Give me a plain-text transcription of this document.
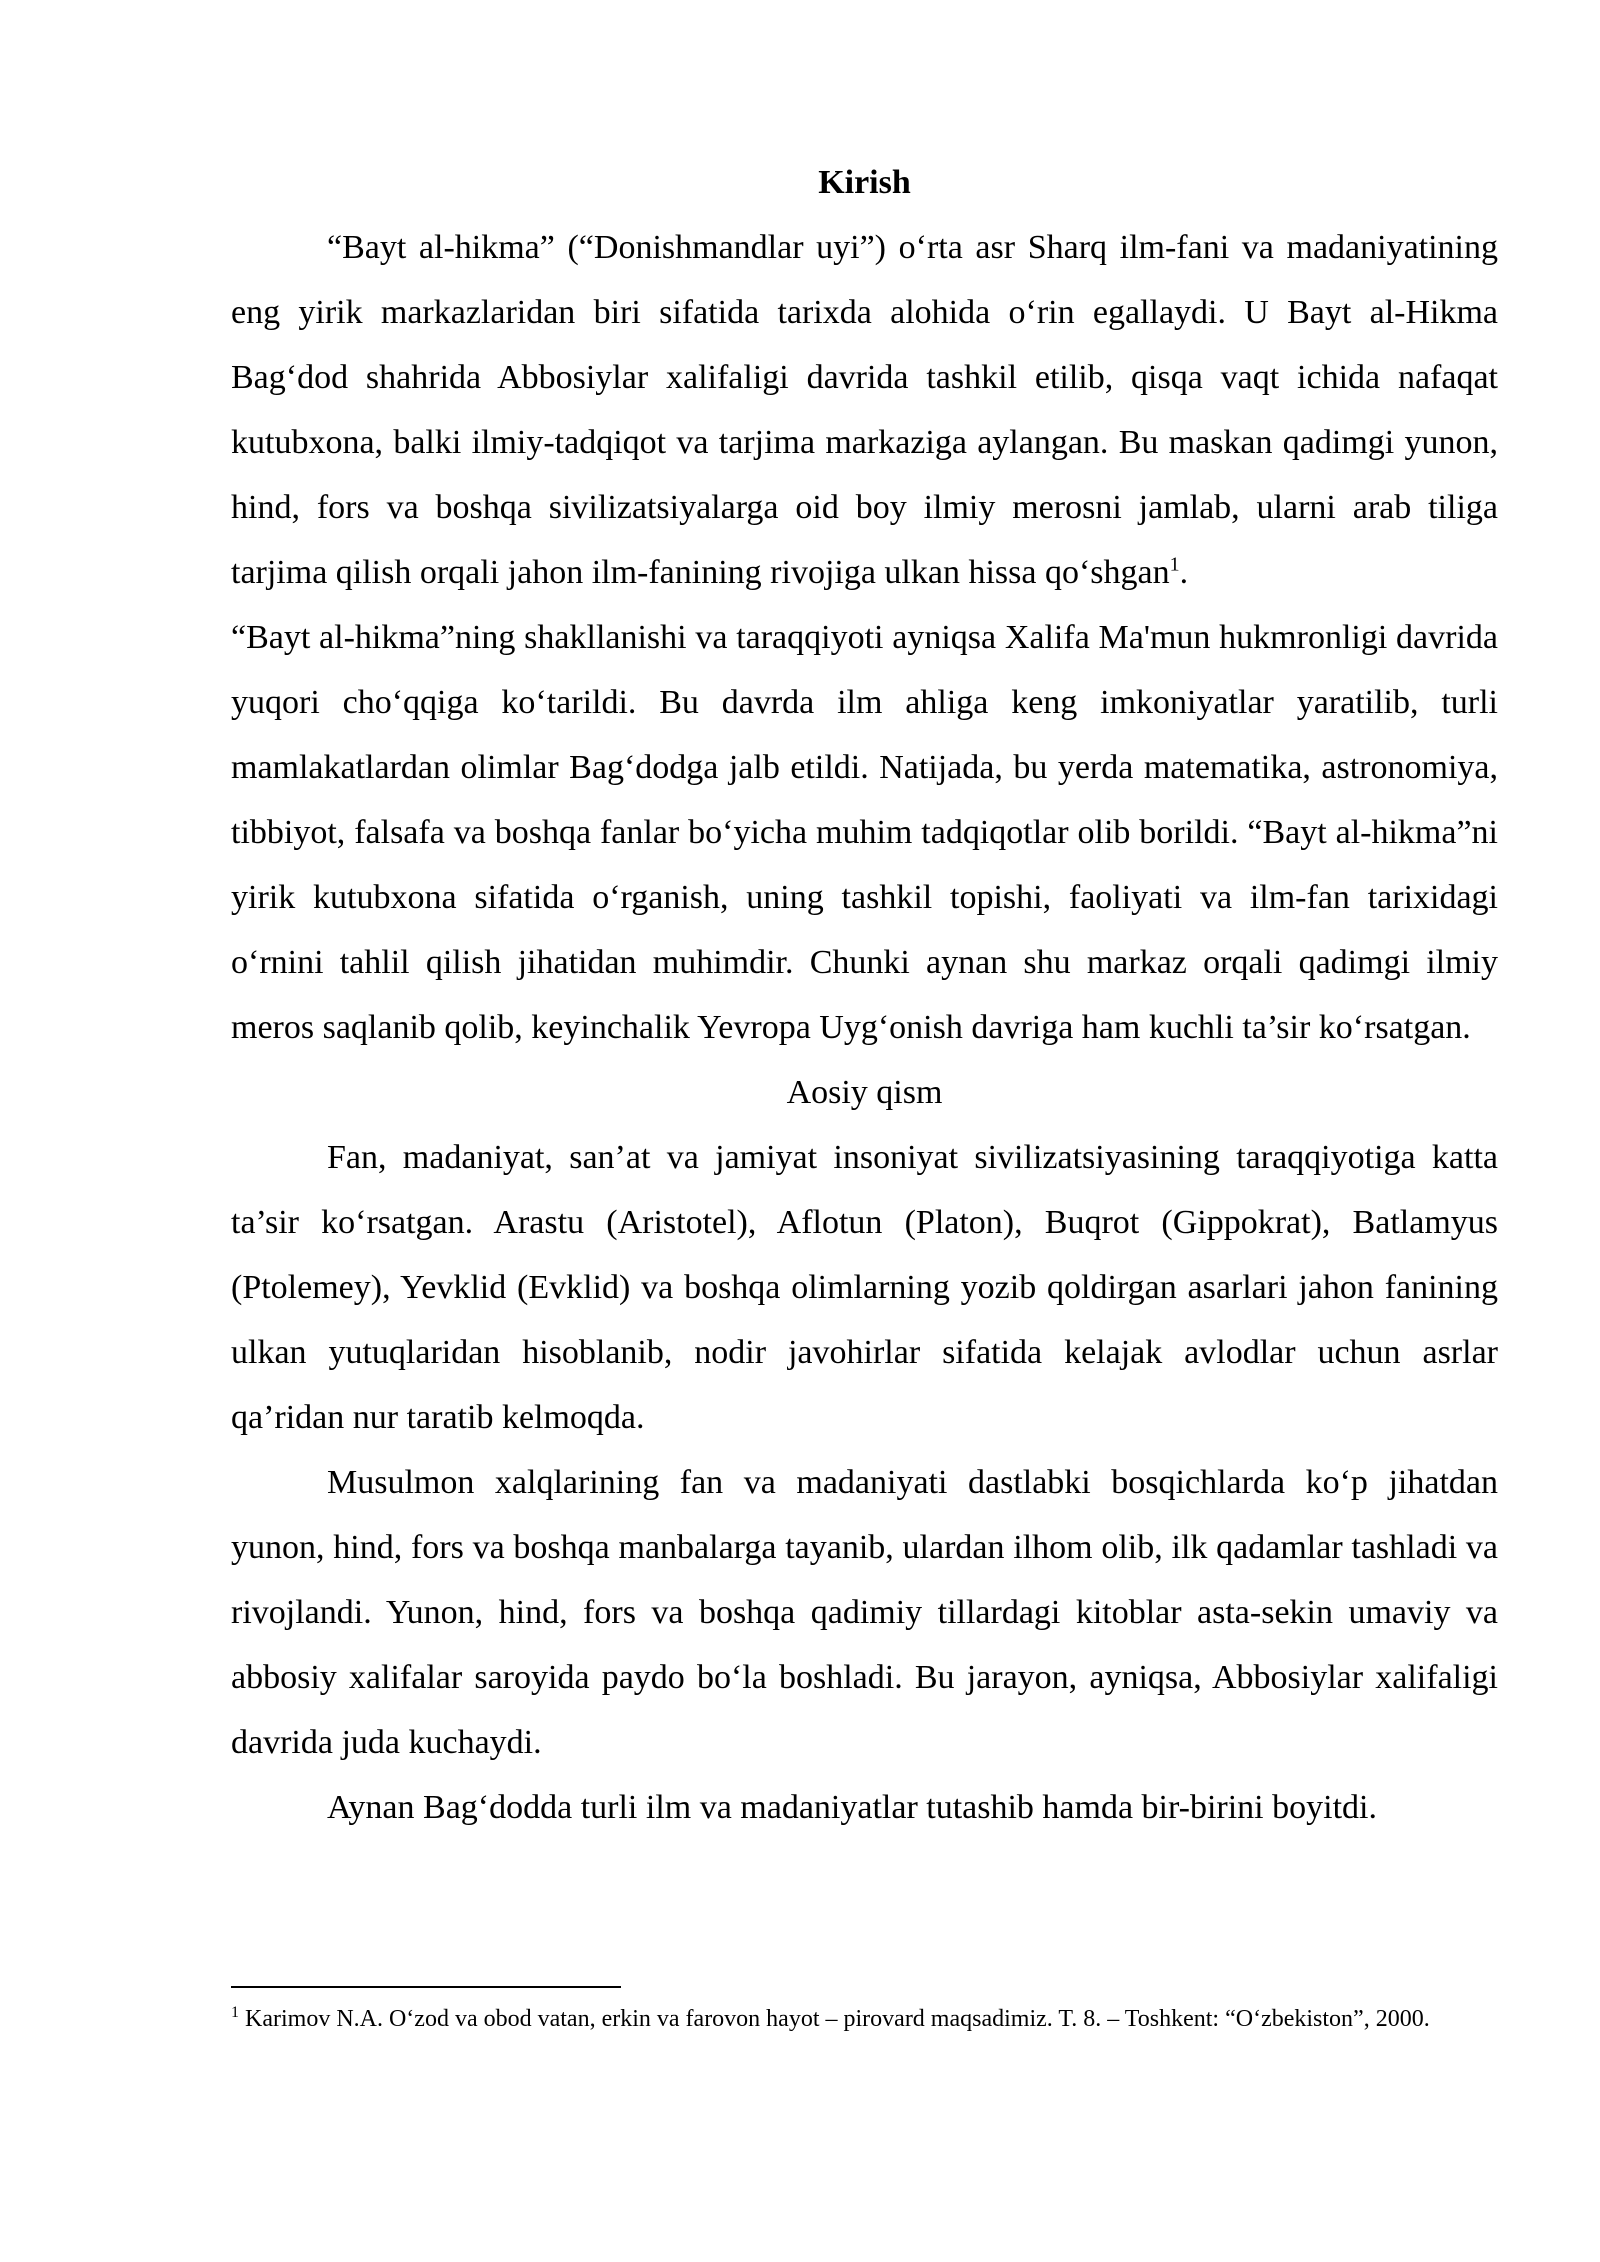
Kirish

“Bayt al-hikma” (“Donishmandlar uyi”) o‘rta asr Sharq ilm-fani va madaniyatining eng yirik markazlaridan biri sifatida tarixda alohida o‘rin egallaydi. U Bayt al-Hikma Bag‘dod shahrida Abbosiylar xalifaligi davrida tashkil etilib, qisqa vaqt ichida nafaqat kutubxona, balki ilmiy-tadqiqot va tarjima markaziga aylangan. Bu maskan qadimgi yunon, hind, fors va boshqa sivilizatsiyalarga oid boy ilmiy merosni jamlab, ularni arab tiliga tarjima qilish orqali jahon ilm-fanining rivojiga ulkan hissa qo‘shgan$^1$.

“Bayt al-hikma”ning shakllanishi va taraqqiyoti ayniqsa Xalifa Ma'mun hukmronligi davrida yuqori cho‘qqiga ko‘tarildi. Bu davrda ilm ahliga keng imkoniyatlar yaratilib, turli mamlakatlardan olimlar Bag‘dodga jalb etildi. Natijada, bu yerda matematika, astronomiya, tibbiyot, falsafa va boshqa fanlar bo‘yicha muhim tadqiqotlar olib borildi. “Bayt al-hikma”ni yirik kutubxona sifatida o‘rganish, uning tashkil topishi, faoliyati va ilm-fan tarixidagi o‘rnini tahlil qilish jihatidan muhimdir. Chunki aynan shu markaz orqali qadimgi ilmiy meros saqlanib qolib, keyinchalik Yevropa Uyg‘onish davriga ham kuchli ta’sir ko‘rsatgan.

Aosiy qism

Fan, madaniyat, san’at va jamiyat insoniyat sivilizatsiyasining taraqqiyotiga katta ta’sir ko‘rsatgan. Arastu (Aristotel), Aflotun (Platon), Buqrot (Gippokrat), Batlamyus (Ptolemey), Yevklid (Evklid) va boshqa olimlarning yozib qoldirgan asarlari jahon fanining ulkan yutuqlaridan hisoblanib, nodir javohirlar sifatida kelajak avlodlar uchun asrlar qa’ridan nur taratib kelmoqda.

Musulmon xalqlarining fan va madaniyati dastlabki bosqichlarda ko‘p jihatdan yunon, hind, fors va boshqa manbalarga tayanib, ulardan ilhom olib, ilk qadamlar tashladi va rivojlandi. Yunon, hind, fors va boshqa qadimiy tillardagi kitoblar asta-sekin umaviy va abbosiy xalifalar saroyida paydo bo‘la boshladi. Bu jarayon, ayniqsa, Abbosiylar xalifaligi davrida juda kuchaydi.

Aynan Bag‘dodda turli ilm va madaniyatlar tutashib hamda bir-birini boyitdi.

$^1$ Karimov N.A. O‘zod va obod vatan, erkin va farovon hayot – pirovard maqsadimiz. T. 8. – Toshkent: “O‘zbekiston”, 2000.
